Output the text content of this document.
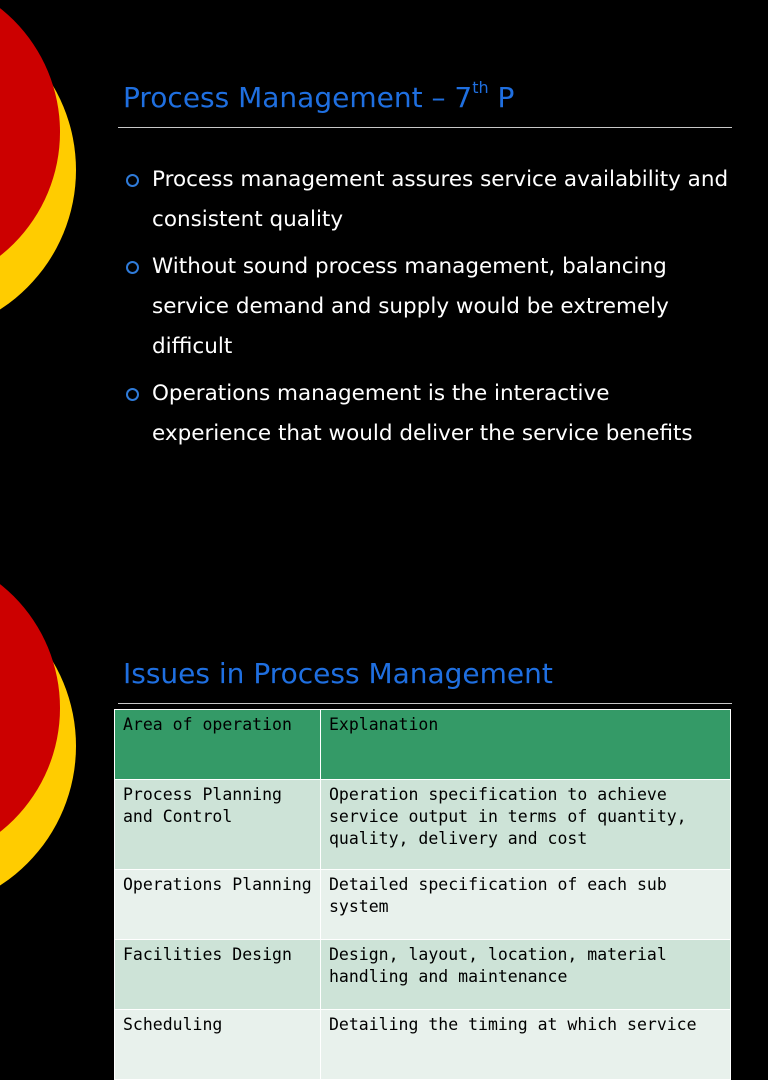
Process Management – 7th P
Process management assures service availability and consistent quality
Without sound process management, balancing service demand and supply would be extremely difficult
Operations management is the interactive experience that would deliver the service benefits
Issues in Process Management
Area of operation	Explanation
Process Planning and Control	Operation specification to achieve service output in terms of quantity, quality, delivery and cost
Operations Planning	Detailed specification of each sub system
Facilities Design	Design, layout, location, material handling and maintenance
Scheduling	Detailing the timing at which service
